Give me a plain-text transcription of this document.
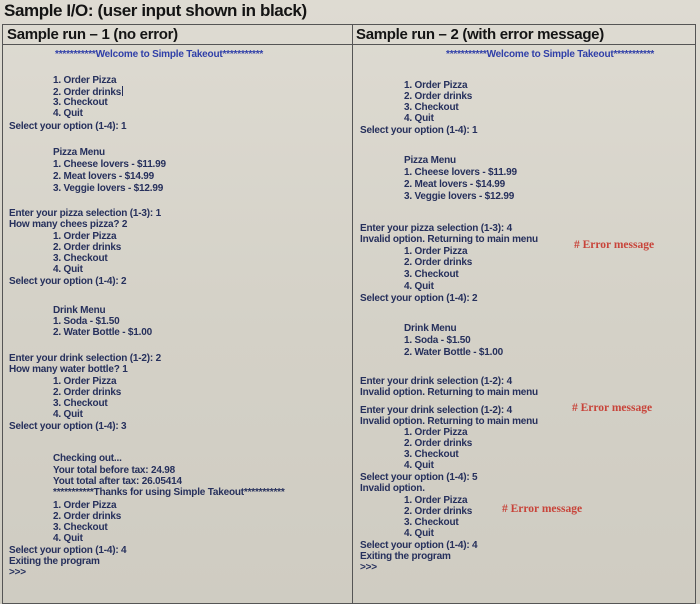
Sample I/O: (user input shown in black)
Sample run – 1 (no error)
***********Welcome to Simple Takeout***********
1. Order Pizza
2. Order drinks
3. Checkout
4. Quit
Select your option (1-4): 1
Pizza Menu
1. Cheese lovers - $11.99
2. Meat lovers - $14.99
3. Veggie lovers - $12.99
Enter your pizza selection (1-3): 1
How many chees pizza? 2
1. Order Pizza
2. Order drinks
3. Checkout
4. Quit
Select your option (1-4): 2
Drink Menu
1. Soda - $1.50
2. Water Bottle - $1.00
Enter your drink selection (1-2): 2
How many water bottle? 1
1. Order Pizza
2. Order drinks
3. Checkout
4. Quit
Select your option (1-4): 3
Checking out...
Your total before tax: 24.98
Yout total after tax: 26.05414
***********Thanks for using Simple Takeout***********
1. Order Pizza
2. Order drinks
3. Checkout
4. Quit
Select your option (1-4): 4
Exiting the program
>>>
Sample run – 2 (with error message)
***********Welcome to Simple Takeout***********
1. Order Pizza
2. Order drinks
3. Checkout
4. Quit
Select your option (1-4): 1
Pizza Menu
1. Cheese lovers - $11.99
2. Meat lovers - $14.99
3. Veggie lovers - $12.99
Enter your pizza selection (1-3): 4
Invalid option. Returning to main menu
1. Order Pizza
2. Order drinks
3. Checkout
4. Quit
Select your option (1-4): 2
Drink Menu
1. Soda - $1.50
2. Water Bottle - $1.00
Enter your drink selection (1-2): 4
Invalid option. Returning to main menu
Enter your drink selection (1-2): 4
Invalid option. Returning to main menu
1. Order Pizza
2. Order drinks
3. Checkout
4. Quit
Select your option (1-4): 5
Invalid option.
1. Order Pizza
2. Order drinks
3. Checkout
4. Quit
Select your option (1-4): 4
Exiting the program
>>>
# Error message
# Error message
# Error message
